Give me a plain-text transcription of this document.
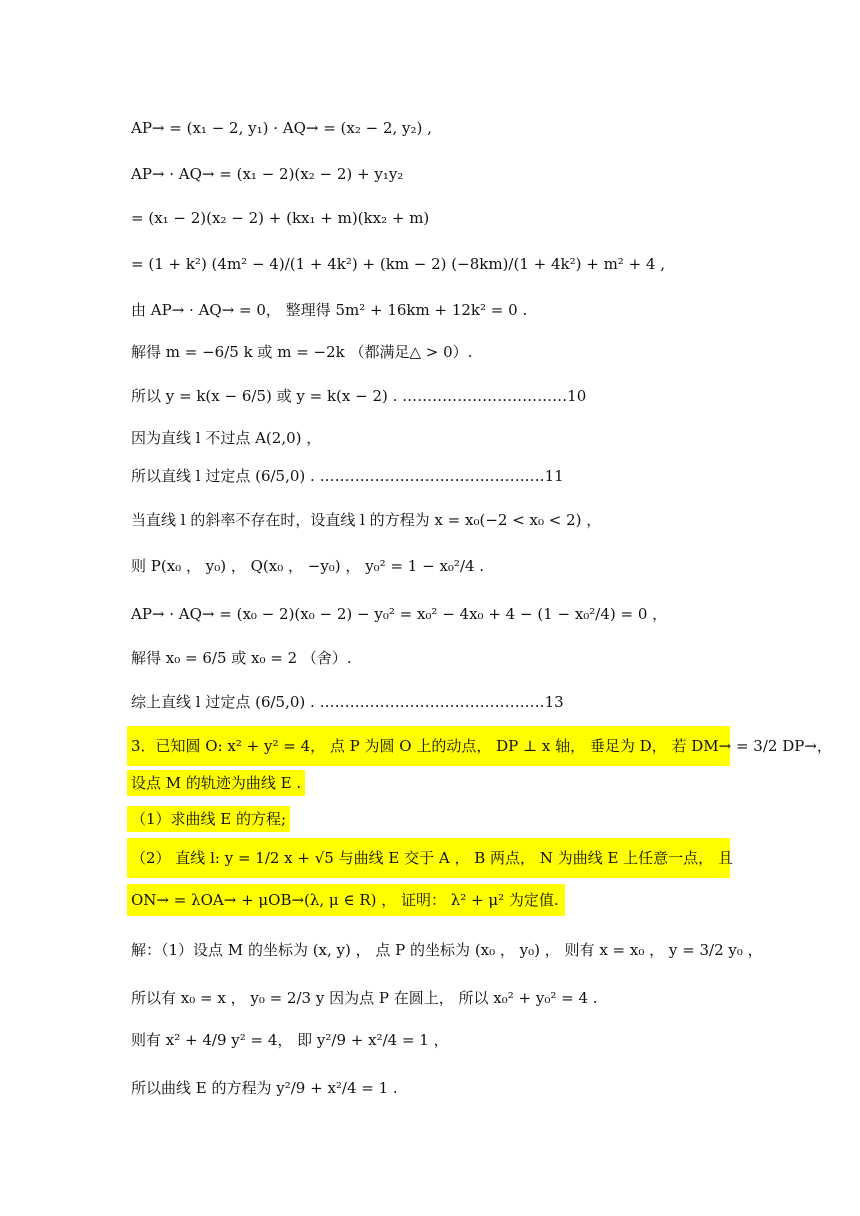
AP→ = (x₁ − 2, y₁) · AQ→ = (x₂ − 2, y₂) ,
AP→ · AQ→ = (x₁ − 2)(x₂ − 2) + y₁y₂
= (x₁ − 2)(x₂ − 2) + (kx₁ + m)(kx₂ + m)
= (1 + k²) (4m² − 4)/(1 + 4k²) + (km − 2) (−8km)/(1 + 4k²) + m² + 4 ,
由 AP→ · AQ→ = 0， 整理得 5m² + 16km + 12k² = 0 .
解得 m = −6/5 k 或 m = −2k （都满足△ > 0）.
所以 y = k(x − 6/5) 或 y = k(x − 2) . ……………………………10
因为直线 l 不过点 A(2,0) ，
所以直线 l 过定点 (6/5,0) . ………………………………………11
当直线 l 的斜率不存在时，设直线 l 的方程为 x = x₀(−2 < x₀ < 2) ，
则 P(x₀ ， y₀) ， Q(x₀ ， −y₀) ， y₀² = 1 − x₀²/4 .
AP→ · AQ→ = (x₀ − 2)(x₀ − 2) − y₀² = x₀² − 4x₀ + 4 − (1 − x₀²/4) = 0 ，
解得 x₀ = 6/5 或 x₀ = 2 （舍）.
综上直线 l 过定点 (6/5,0) . ………………………………………13
3．已知圆 O: x² + y² = 4， 点 P 为圆 O 上的动点， DP ⊥ x 轴， 垂足为 D， 若 DM→ = 3/2 DP→，
设点 M 的轨迹为曲线 E .
（1）求曲线 E 的方程;
（2） 直线 l: y = 1/2 x + √5 与曲线 E 交于 A ， B 两点， N 为曲线 E 上任意一点， 且
ON→ = λOA→ + μOB→(λ, μ ∈ R) ， 证明： λ² + μ² 为定值.
解：（1）设点 M 的坐标为 (x, y) ， 点 P 的坐标为 (x₀ ， y₀) ， 则有 x = x₀ ， y = 3/2 y₀ ，
所以有 x₀ = x ， y₀ = 2/3 y 因为点 P 在圆上， 所以 x₀² + y₀² = 4 .
则有 x² + 4/9 y² = 4， 即 y²/9 + x²/4 = 1 ，
所以曲线 E 的方程为 y²/9 + x²/4 = 1 .
